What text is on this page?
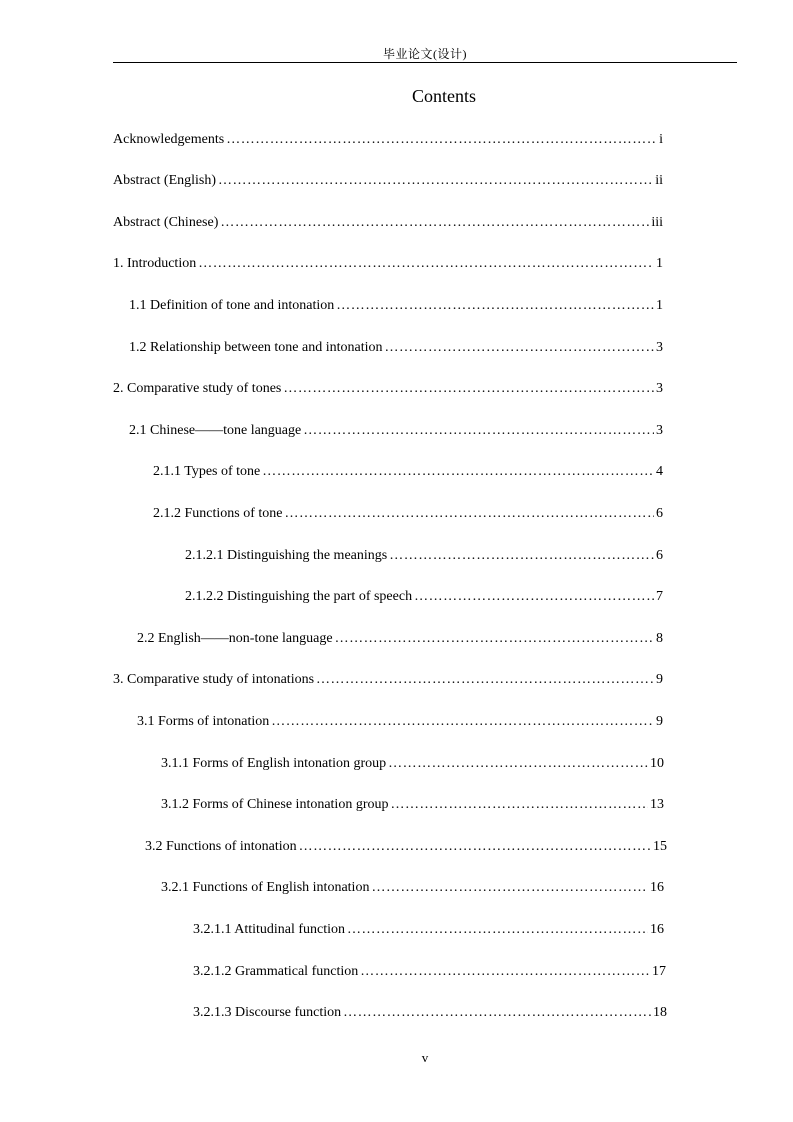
毕业论文(设计)
Contents
Acknowledgements …………………………………………………………………………………………………………………………………………………	i
Abstract (English) …………………………………………………………………………………………………………………………………………………	ii
Abstract (Chinese) …………………………………………………………………………………………………………………………………………………	iii
1. Introduction …………………………………………………………………………………………………………………………………………………	1
1.1 Definition of tone and intonation …………………………………………………………………………………………………………………………………………………	1
1.2 Relationship between tone and intonation …………………………………………………………………………………………………………………………………………………	3
2. Comparative study of tones …………………………………………………………………………………………………………………………………………………	3
2.1 Chinese——tone language …………………………………………………………………………………………………………………………………………………	3
2.1.1 Types of tone …………………………………………………………………………………………………………………………………………………	4
2.1.2 Functions of tone …………………………………………………………………………………………………………………………………………………	6
2.1.2.1 Distinguishing the meanings …………………………………………………………………………………………………………………………………………………	6
2.1.2.2 Distinguishing the part of speech …………………………………………………………………………………………………………………………………………………	7
2.2 English——non-tone language …………………………………………………………………………………………………………………………………………………	8
3. Comparative study of intonations …………………………………………………………………………………………………………………………………………………	9
3.1 Forms of intonation …………………………………………………………………………………………………………………………………………………	9
3.1.1 Forms of English intonation group …………………………………………………………………………………………………………………………………………………	10
3.1.2 Forms of Chinese intonation group …………………………………………………………………………………………………………………………………………………	13
3.2 Functions of intonation …………………………………………………………………………………………………………………………………………………	15
3.2.1 Functions of English intonation …………………………………………………………………………………………………………………………………………………	16
3.2.1.1 Attitudinal function …………………………………………………………………………………………………………………………………………………	16
3.2.1.2 Grammatical function …………………………………………………………………………………………………………………………………………………	17
3.2.1.3 Discourse function …………………………………………………………………………………………………………………………………………………	18
v
